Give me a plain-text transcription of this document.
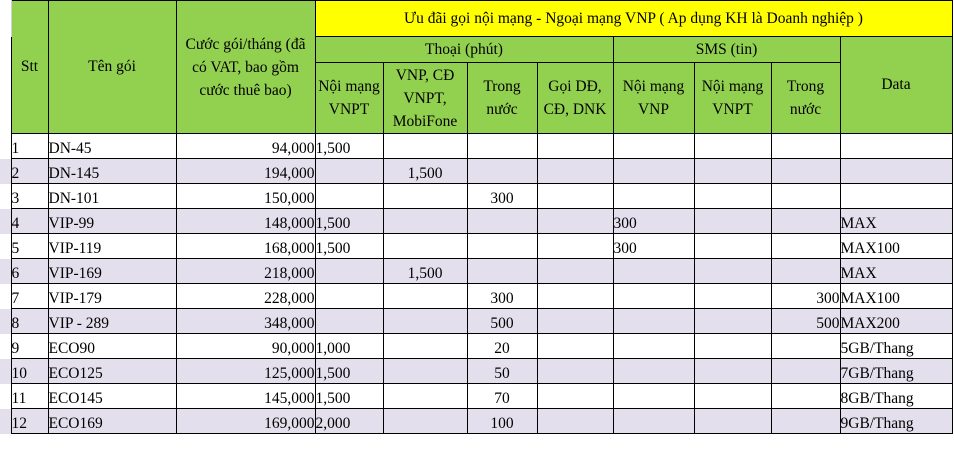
	Stt	Tên gói	Cước gói/tháng (đã có VAT, bao gồm cước thuê bao)	Ưu đãi gọi nội mạng - Ngoại mạng VNP ( Ap dụng KH là Doanh nghiệp )							
				Thoại (phút)				SMS (tin)			Data
				Nội mạng VNPT	VNP, CĐ VNPT, MobiFone	Trong nước	Gọi DĐ, CĐ, DNK	Nội mạng VNP	Nội mạng VNPT	Trong nước	
	1	DN-45	94,000	1,500							
	2	DN-145	194,000		1,500						
	3	DN-101	150,000			300					
	4	VIP-99	148,000	1,500				300			MAX
	5	VIP-119	168,000	1,500				300			MAX100
	6	VIP-169	218,000		1,500						MAX
	7	VIP-179	228,000			300				300	MAX100
	8	VIP - 289	348,000			500				500	MAX200
	9	ECO90	90,000	1,000		20					5GB/Thang
	10	ECO125	125,000	1,500		50					7GB/Thang
	11	ECO145	145,000	1,500		70					8GB/Thang
	12	ECO169	169,000	2,000		100					9GB/Thang
